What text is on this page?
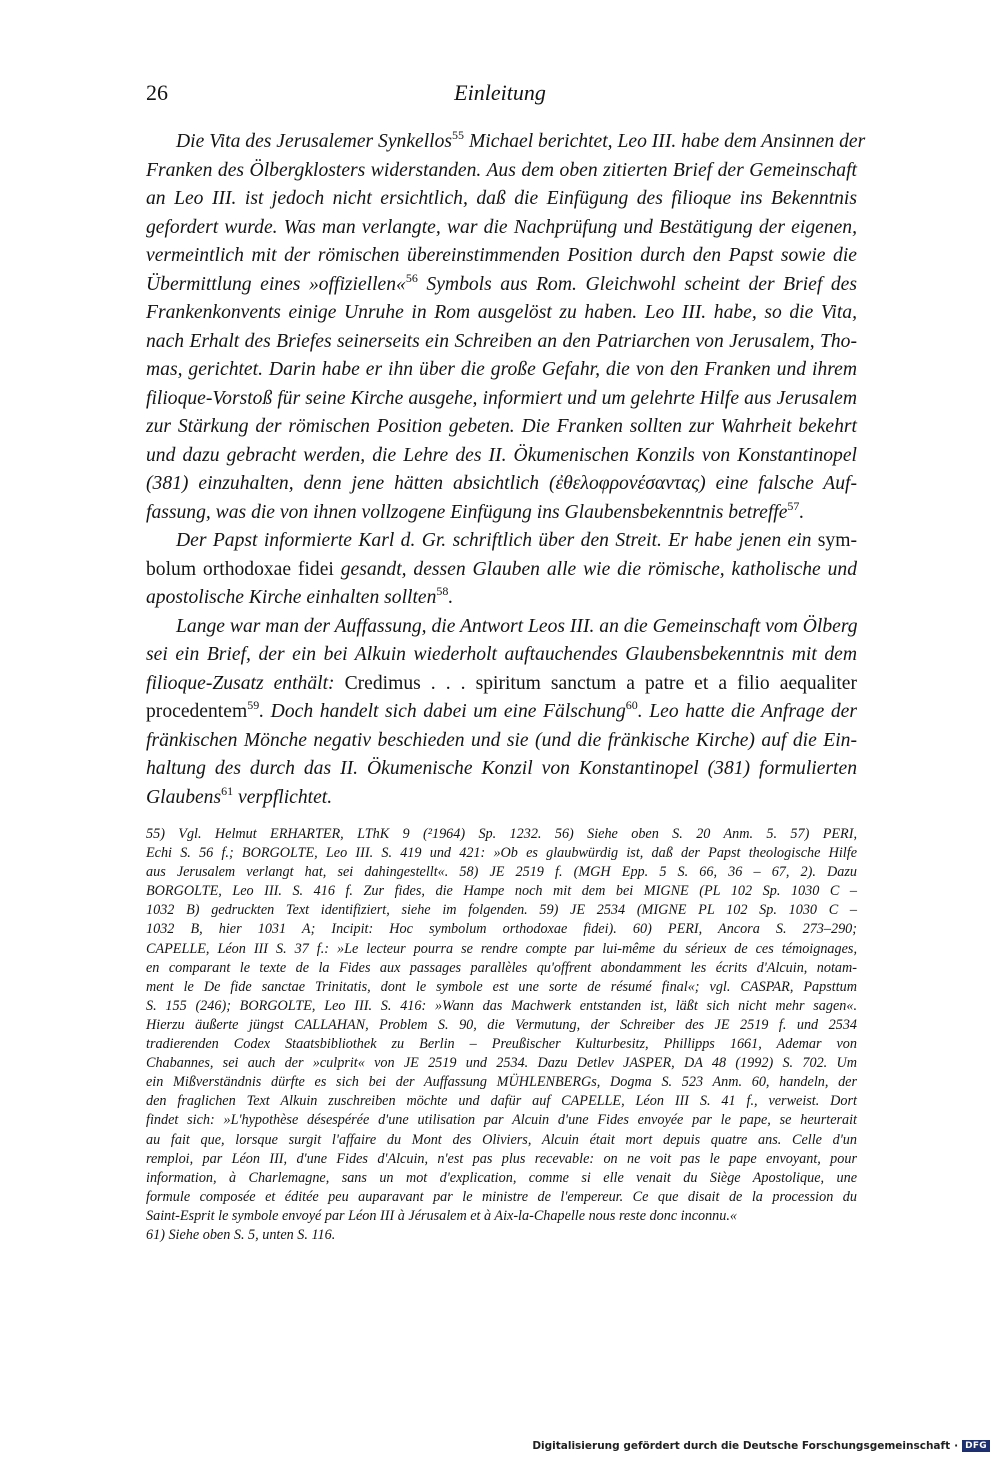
26	Einleitung
Die Vita des Jerusalemer Synkellos$^{55}$ Michael berichtet, Leo III. habe dem Ansinnen der
Franken des Ölbergklosters widerstanden. Aus dem oben zitierten Brief der Gemeinschaft
an Leo III. ist jedoch nicht ersichtlich, daß die Einfügung des filioque ins Bekenntnis
gefordert wurde. Was man verlangte, war die Nachprüfung und Bestätigung der eigenen,
vermeintlich mit der römischen übereinstimmenden Position durch den Papst sowie die
Übermittlung eines »offiziellen«$^{56}$ Symbols aus Rom. Gleichwohl scheint der Brief des
Frankenkonvents einige Unruhe in Rom ausgelöst zu haben. Leo III. habe, so die Vita,
nach Erhalt des Briefes seinerseits ein Schreiben an den Patriarchen von Jerusalem, Tho-
mas, gerichtet. Darin habe er ihn über die große Gefahr, die von den Franken und ihrem
filioque-Vorstoß für seine Kirche ausgehe, informiert und um gelehrte Hilfe aus Jerusalem
zur Stärkung der römischen Position gebeten. Die Franken sollten zur Wahrheit bekehrt
und dazu gebracht werden, die Lehre des II. Ökumenischen Konzils von Konstantinopel
(381) einzuhalten, denn jene hätten absichtlich (ἐθελοφρονέσαντας) eine falsche Auf-
fassung, was die von ihnen vollzogene Einfügung ins Glaubensbekenntnis betreffe$^{57}$.
Der Papst informierte Karl d. Gr. schriftlich über den Streit. Er habe jenen ein sym-
bolum orthodoxae fidei gesandt, dessen Glauben alle wie die römische, katholische und
apostolische Kirche einhalten sollten$^{58}$.
Lange war man der Auffassung, die Antwort Leos III. an die Gemeinschaft vom Ölberg
sei ein Brief, der ein bei Alkuin wiederholt auftauchendes Glaubensbekenntnis mit dem
filioque-Zusatz enthält: Credimus . . . spiritum sanctum a patre et a filio aequaliter
procedentem$^{59}$. Doch handelt sich dabei um eine Fälschung$^{60}$. Leo hatte die Anfrage der
fränkischen Mönche negativ beschieden und sie (und die fränkische Kirche) auf die Ein-
haltung des durch das II. Ökumenische Konzil von Konstantinopel (381) formulierten
Glaubens$^{61}$ verpflichtet.
55) Vgl. Helmut ERHARTER, LThK 9 (²1964) Sp. 1232. 56) Siehe oben S. 20 Anm. 5. 57) PERI,
Echi S. 56 f.; BORGOLTE, Leo III. S. 419 und 421: »Ob es glaubwürdig ist, daß der Papst theologische Hilfe
aus Jerusalem verlangt hat, sei dahingestellt«. 58) JE 2519 f. (MGH Epp. 5 S. 66, 36 – 67, 2). Dazu
BORGOLTE, Leo III. S. 416 f. Zur fides, die Hampe noch mit dem bei MIGNE (PL 102 Sp. 1030 C –
1032 B) gedruckten Text identifiziert, siehe im folgenden. 59) JE 2534 (MIGNE PL 102 Sp. 1030 C –
1032 B, hier 1031 A; Incipit: Hoc symbolum orthodoxae fidei). 60) PERI, Ancora S. 273–290;
CAPELLE, Léon III S. 37 f.: »Le lecteur pourra se rendre compte par lui-même du sérieux de ces témoignages,
en comparant le texte de la Fides aux passages parallèles qu'offrent abondamment les écrits d'Alcuin, notam-
ment le De fide sanctae Trinitatis, dont le symbole est une sorte de résumé final«; vgl. CASPAR, Papsttum
S. 155 (246); BORGOLTE, Leo III. S. 416: »Wann das Machwerk entstanden ist, läßt sich nicht mehr sagen«.
Hierzu äußerte jüngst CALLAHAN, Problem S. 90, die Vermutung, der Schreiber des JE 2519 f. und 2534
tradierenden Codex Staatsbibliothek zu Berlin – Preußischer Kulturbesitz, Phillipps 1661, Ademar von
Chabannes, sei auch der »culprit« von JE 2519 und 2534. Dazu Detlev JASPER, DA 48 (1992) S. 702. Um
ein Mißverständnis dürfte es sich bei der Auffassung MÜHLENBERGs, Dogma S. 523 Anm. 60, handeln, der
den fraglichen Text Alkuin zuschreiben möchte und dafür auf CAPELLE, Léon III S. 41 f., verweist. Dort
findet sich: »L'hypothèse désespérée d'une utilisation par Alcuin d'une Fides envoyée par le pape, se heurterait
au fait que, lorsque surgit l'affaire du Mont des Oliviers, Alcuin était mort depuis quatre ans. Celle d'un
remploi, par Léon III, d'une Fides d'Alcuin, n'est pas plus recevable: on ne voit pas le pape envoyant, pour
information, à Charlemagne, sans un mot d'explication, comme si elle venait du Siège Apostolique, une
formule composée et éditée peu auparavant par le ministre de l'empereur. Ce que disait de la procession du
Saint-Esprit le symbole envoyé par Léon III à Jérusalem et à Aix-la-Chapelle nous reste donc inconnu.«
61) Siehe oben S. 5, unten S. 116.
Digitalisierung gefördert durch die Deutsche Forschungsgemeinschaft · DFG
